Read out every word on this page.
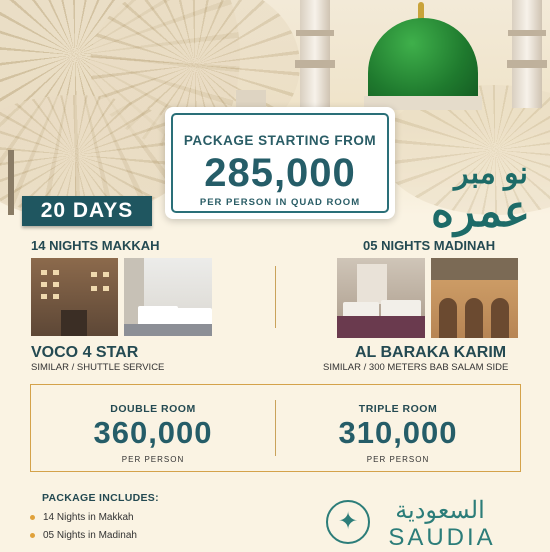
PACKAGE STARTING FROM
285,000
PER PERSON IN QUAD ROOM
20 DAYS
نو مبر
عمره
14 NIGHTS MAKKAH	05 NIGHTS MADINAH
VOCO 4 STAR
SIMILAR / SHUTTLE SERVICE
AL BARAKA KARIM
SIMILAR / 300 METERS BAB SALAM SIDE
DOUBLE ROOM
360,000
PER PERSON
TRIPLE ROOM
310,000
PER PERSON
PACKAGE INCLUDES:
14 Nights in Makkah
05 Nights in Madinah
✦	السعودية
SAUDIA
